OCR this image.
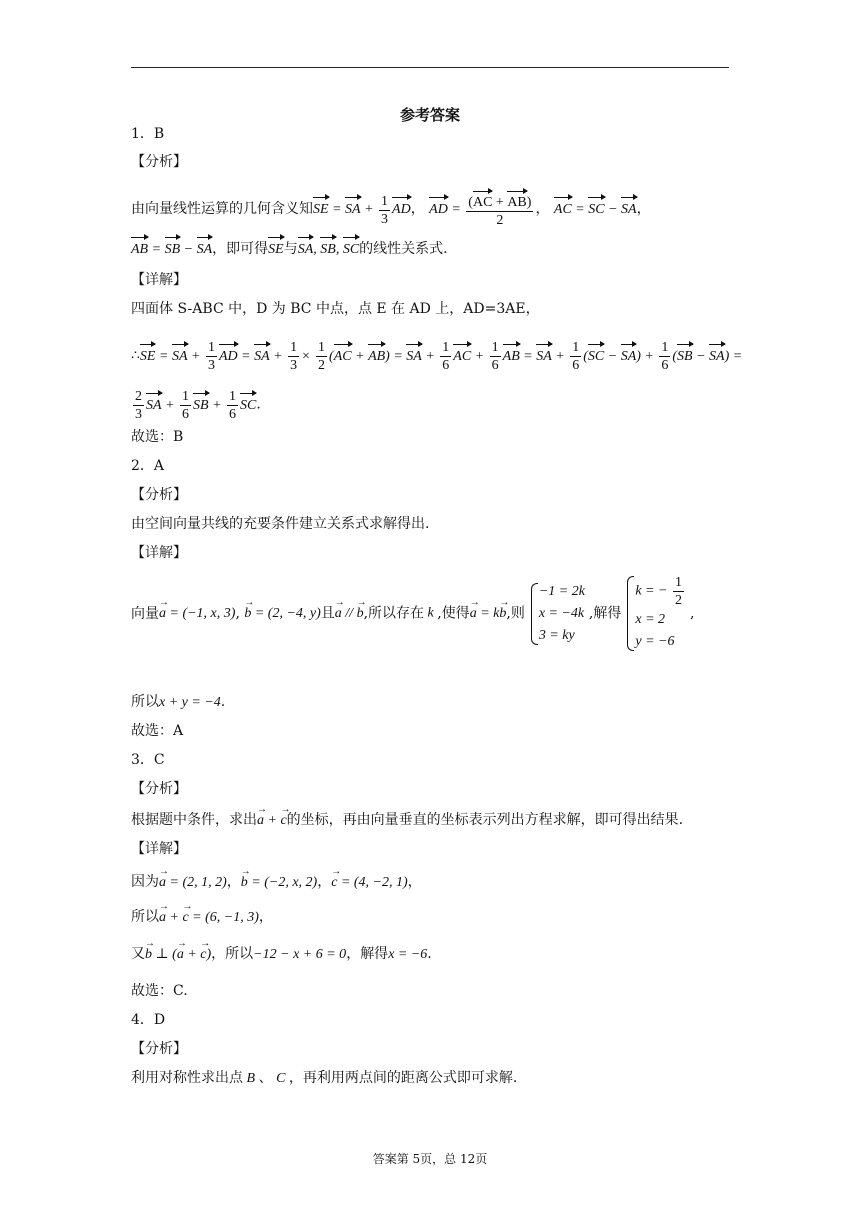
参考答案
1．B
【分析】
由向量线性运算的几何含义知SE = SA + $\frac{1}{3}$ AD， AD = $\frac{(AC + AB)}{2}$ ， AC = SC − SA，
AB = SB − SA，即可得SE与SA, SB, SC的线性关系式.
【详解】
四面体 S-ABC 中，D 为 BC 中点，点 E 在 AD 上，AD=3AE，
∴SE = SA + $\frac{1}{3}$ AD = SA + $\frac{1}{3} \times \frac{1}{2} (AC + AB)$ = SA + $\frac{1}{6}$ AC + $\frac{1}{6}$ AB = SA + $\frac{1}{6} (SC - SA) + \frac{1}{6} (SB - SA)$ =
$\frac{2}{3}$ SA + $\frac{1}{6}$ SB + $\frac{1}{6}$ SC.
故选：B
2．A
【分析】
由空间向量共线的充要条件建立关系式求解得出.
【详解】
向量→ a = (−1, x, 3), → b = (2, −4, y)且→ a // → b,所以存在 k ,使得→ a = k→ b,则
−1 = 2k
x = −4k
3 = ky
,解得
k = − $\frac{1}{2}$
x = 2
y = −6
,
所以x + y = −4.
故选：A
3．C
【分析】
根据题中条件，求出→ a + → c的坐标，再由向量垂直的坐标表示列出方程求解，即可得出结果.
【详解】
因为→ a = (2, 1, 2)，→ b = (−2, x, 2)，→ c = (4, −2, 1)，
所以→ a + → c = (6, −1, 3)，
又→ b ⊥ (→ a + → c)，所以−12 − x + 6 = 0，解得x = −6.
故选：C.
4．D
【分析】
利用对称性求出点 B 、 C ，再利用两点间的距离公式即可求解.
答案第 5页，总 12页
